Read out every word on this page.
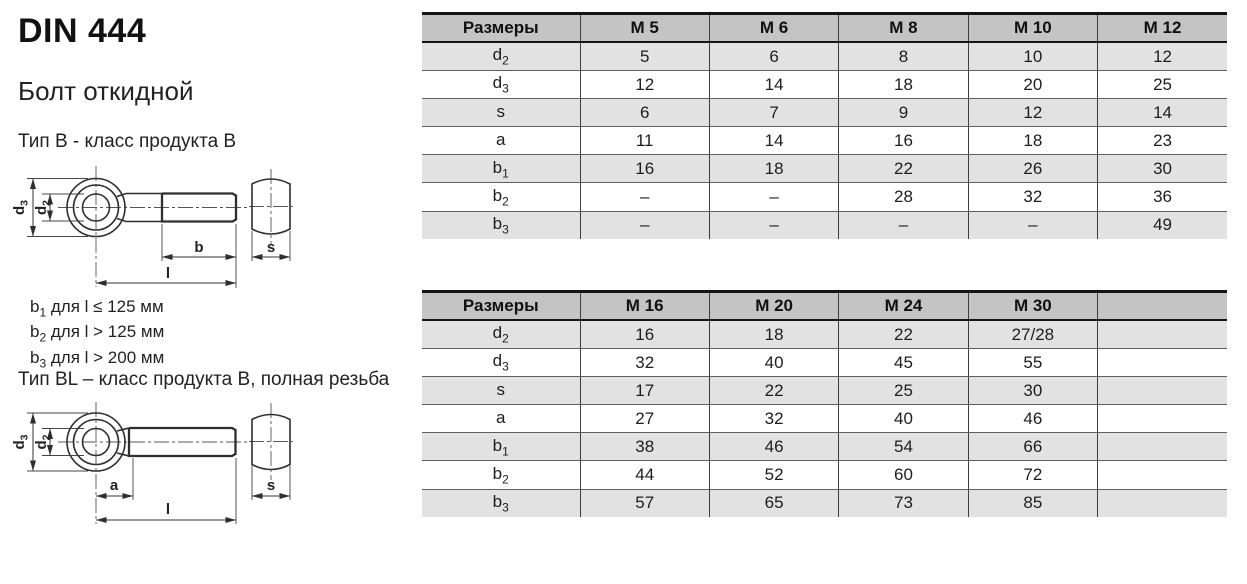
DIN 444
Болт откидной
Тип B - класс продукта B
$d_3$
$d_2$
b
l
s
$b_1$ для l ≤ 125 мм
$b_2$ для l > 125 мм
$b_3$ для l > 200 мм
Тип BL – класс продукта B, полная резьба
$d_3$
$d_2$
a
l
s
Размеры	M 5	M 6	M 8	M 10	M 12
$d_2$	5	6	8	10	12
$d_3$	12	14	18	20	25
s	6	7	9	12	14
a	11	14	16	18	23
$b_1$	16	18	22	26	30
$b_2$	–	–	28	32	36
$b_3$	–	–	–	–	49
Размеры	M 16	M 20	M 24	M 30	
$d_2$	16	18	22	27/28	
$d_3$	32	40	45	55	
s	17	22	25	30	
a	27	32	40	46	
$b_1$	38	46	54	66	
$b_2$	44	52	60	72	
$b_3$	57	65	73	85	
